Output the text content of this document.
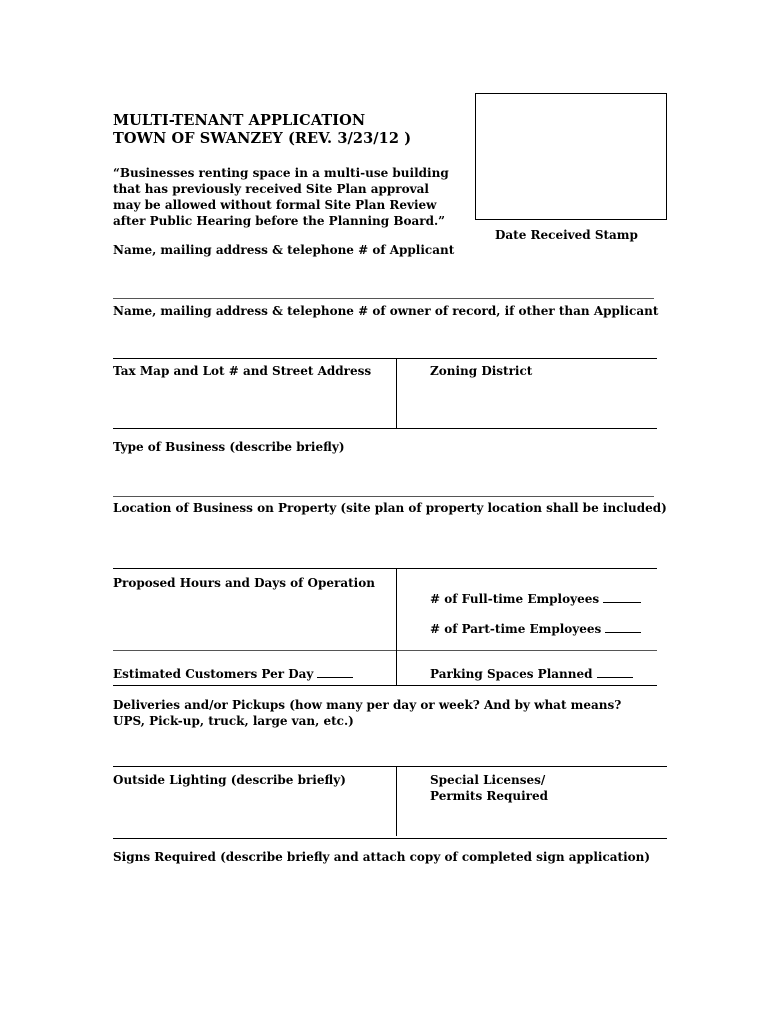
MULTI-TENANT APPLICATION
TOWN OF SWANZEY (REV. 3/23/12 )
“Businesses renting space in a multi-use building
that has previously received Site Plan approval
may be allowed without formal Site Plan Review
after Public Hearing before the Planning Board.”
Date Received Stamp
Name, mailing address & telephone # of Applicant
Name, mailing address & telephone # of owner of record, if other than Applicant
Tax Map and Lot # and Street Address	Zoning District
Type of Business (describe briefly)
Location of Business on Property (site plan of property location shall be included)
Proposed Hours and Days of Operation
# of Full-time Employees
# of Part-time Employees
Estimated Customers Per Day	Parking Spaces Planned
Deliveries and/or Pickups (how many per day or week? And by what means?
UPS, Pick-up, truck, large van, etc.)
Outside Lighting (describe briefly)	Special Licenses/
Permits Required
Signs Required (describe briefly and attach copy of completed sign application)
